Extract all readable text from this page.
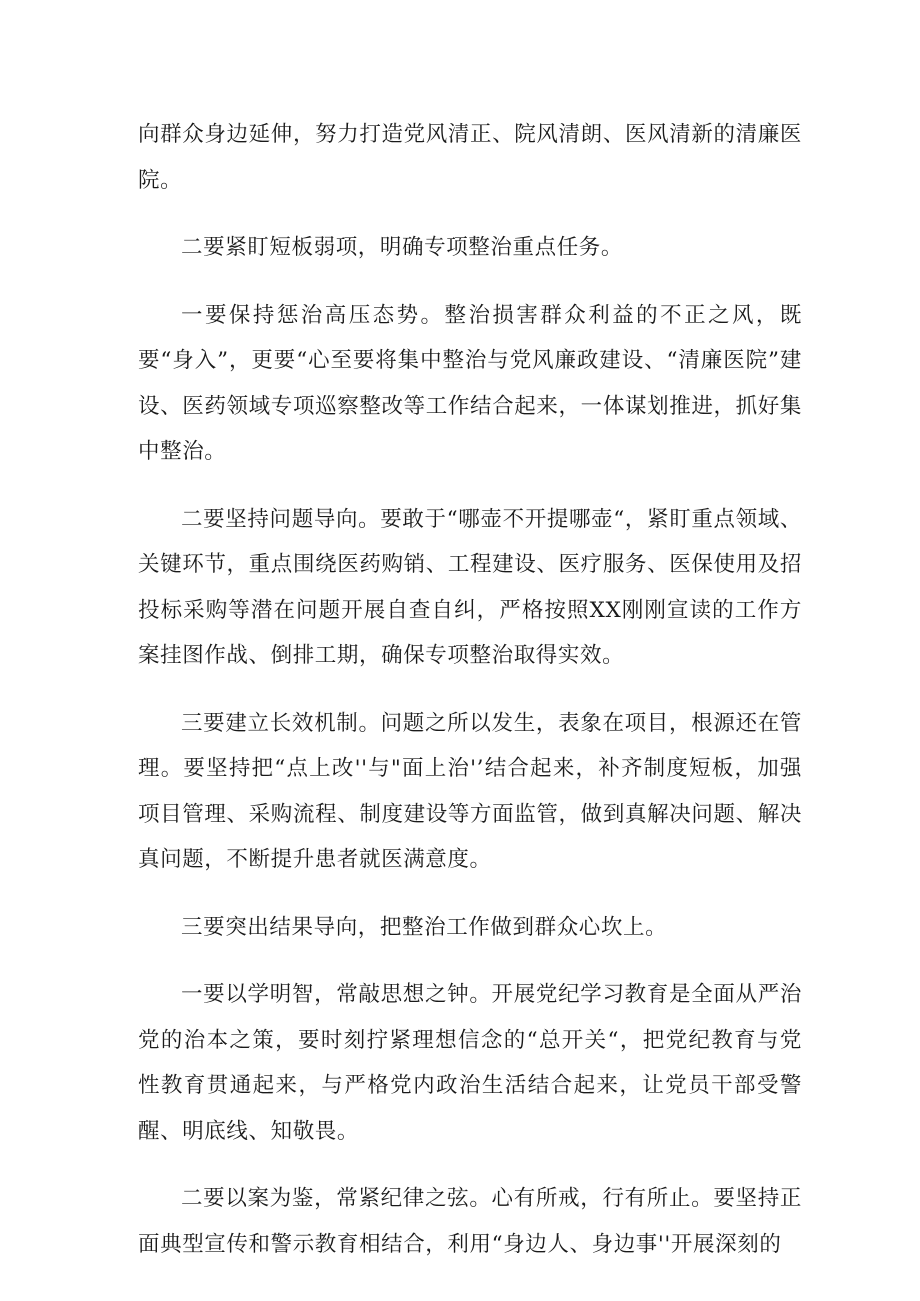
向群众身边延伸，努力打造党风清正、院风清朗、医风清新的清廉医院。

二要紧盯短板弱项，明确专项整治重点任务。

一要保持惩治高压态势。整治损害群众利益的不正之风，既要“身入”，更要“心至要将集中整治与党风廉政建设、“清廉医院”建设、医药领域专项巡察整改等工作结合起来，一体谋划推进，抓好集中整治。

二要坚持问题导向。要敢于“哪壶不开提哪壶“，紧盯重点领域、关键环节，重点围绕医药购销、工程建设、医疗服务、医保使用及招投标采购等潜在问题开展自查自纠，严格按照XX刚刚宣读的工作方案挂图作战、倒排工期，确保专项整治取得实效。

三要建立长效机制。问题之所以发生，表象在项目，根源还在管理。要坚持把“点上改''与"面上治'’结合起来，补齐制度短板，加强项目管理、采购流程、制度建设等方面监管，做到真解决问题、解决真问题，不断提升患者就医满意度。

三要突出结果导向，把整治工作做到群众心坎上。

一要以学明智，常敲思想之钟。开展党纪学习教育是全面从严治党的治本之策，要时刻拧紧理想信念的“总开关“，把党纪教育与党性教育贯通起来，与严格党内政治生活结合起来，让党员干部受警醒、明底线、知敬畏。

二要以案为鉴，常紧纪律之弦。心有所戒，行有所止。要坚持正面典型宣传和警示教育相结合，利用“身边人、身边事''开展深刻的
